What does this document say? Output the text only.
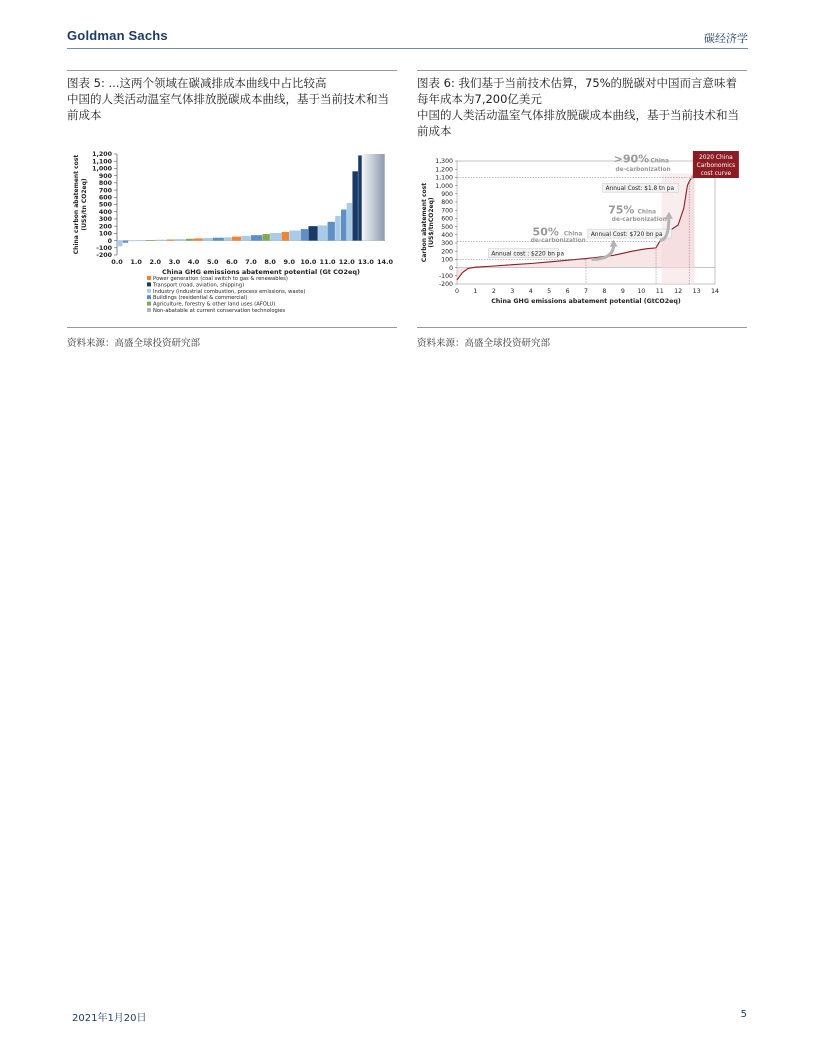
Goldman Sachs	碳经济学
图表 5: ...这两个领域在碳减排成本曲线中占比较高
中国的人类活动温室气体排放脱碳成本曲线，基于当前技术和当前成本
1,200
1,100
1,000
900
800
700
600
500
400
300
200
100
0
-100
-200
0.0 1.0 2.0 3.0 4.0 5.0 6.0 7.0 8.0 9.0 10.0 11.0 12.0 13.0 14.0
China GHG emissions abatement potential (Gt CO2eq)
China carbon abatement cost (US$/tn CO2eq)
Power generation (coal switch to gas & renewables)
Transport (road, aviation, shipping)
Industry (industrial combustion, process emissions, waste)
Buildings (residential & commercial)
Agriculture, forestry & other land uses (AFOLU)
Non-abatable at current conservation technologies
资料来源：高盛全球投资研究部
图表 6: 我们基于当前技术估算，75%的脱碳对中国而言意味着每年成本为7,200亿美元
中国的人类活动温室气体排放脱碳成本曲线，基于当前技术和当前成本
1,300
1,200
1,100
1,000
900
800
700
600
500
400
300
200
100
0
-100
-200
Annual cost : $220 bn pa
Annual Cost: $720 bn pa
Annual Cost: $1.8 tn pa
50% China
de-carbonization
75% China
de-carbonization
>90% China
de-carbonization
2020 China
Carbonomics
cost curve
0 1 2 3 4 5 6 7 8 9 10 11 12 13 14
China GHG emissions abatement potential (GtCO2eq)
Carbon abatement cost (US$/tnCO2eq)
资料来源：高盛全球投资研究部
2021年1月20日	5
